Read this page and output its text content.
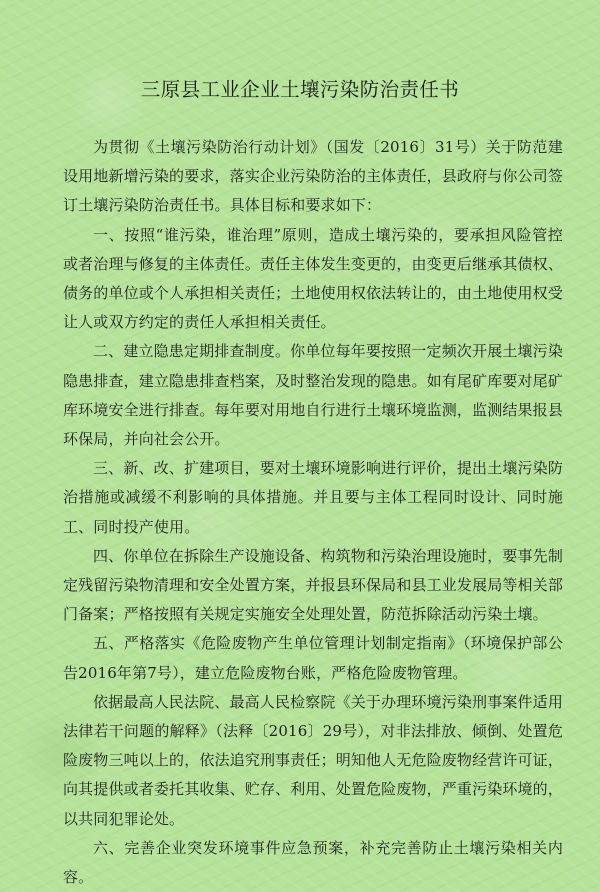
三原县工业企业土壤污染防治责任书

为贯彻《土壤污染防治行动计划》（国发〔2016〕31号）关于防范建设用地新增污染的要求，落实企业污染防治的主体责任，县政府与你公司签订土壤污染防治责任书。具体目标和要求如下：

一、按照“谁污染，谁治理”原则，造成土壤污染的，要承担风险管控或者治理与修复的主体责任。责任主体发生变更的，由变更后继承其债权、债务的单位或个人承担相关责任；土地使用权依法转让的，由土地使用权受让人或双方约定的责任人承担相关责任。

二、建立隐患定期排查制度。你单位每年要按照一定频次开展土壤污染隐患排查，建立隐患排查档案，及时整治发现的隐患。如有尾矿库要对尾矿库环境安全进行排查。每年要对用地自行进行土壤环境监测，监测结果报县环保局，并向社会公开。

三、新、改、扩建项目，要对土壤环境影响进行评价，提出土壤污染防治措施或减缓不利影响的具体措施。并且要与主体工程同时设计、同时施工、同时投产使用。

四、你单位在拆除生产设施设备、构筑物和污染治理设施时，要事先制定残留污染物清理和安全处置方案，并报县环保局和县工业发展局等相关部门备案；严格按照有关规定实施安全处理处置，防范拆除活动污染土壤。

五、严格落实《危险废物产生单位管理计划制定指南》（环境保护部公告2016年第7号），建立危险废物台账，严格危险废物管理。

依据最高人民法院、最高人民检察院《关于办理环境污染刑事案件适用法律若干问题的解释》（法释〔2016〕29号），对非法排放、倾倒、处置危险废物三吨以上的，依法追究刑事责任；明知他人无危险废物经营许可证，向其提供或者委托其收集、贮存、利用、处置危险废物，严重污染环境的，以共同犯罪论处。

六、完善企业突发环境事件应急预案，补充完善防止土壤污染相关内容。
